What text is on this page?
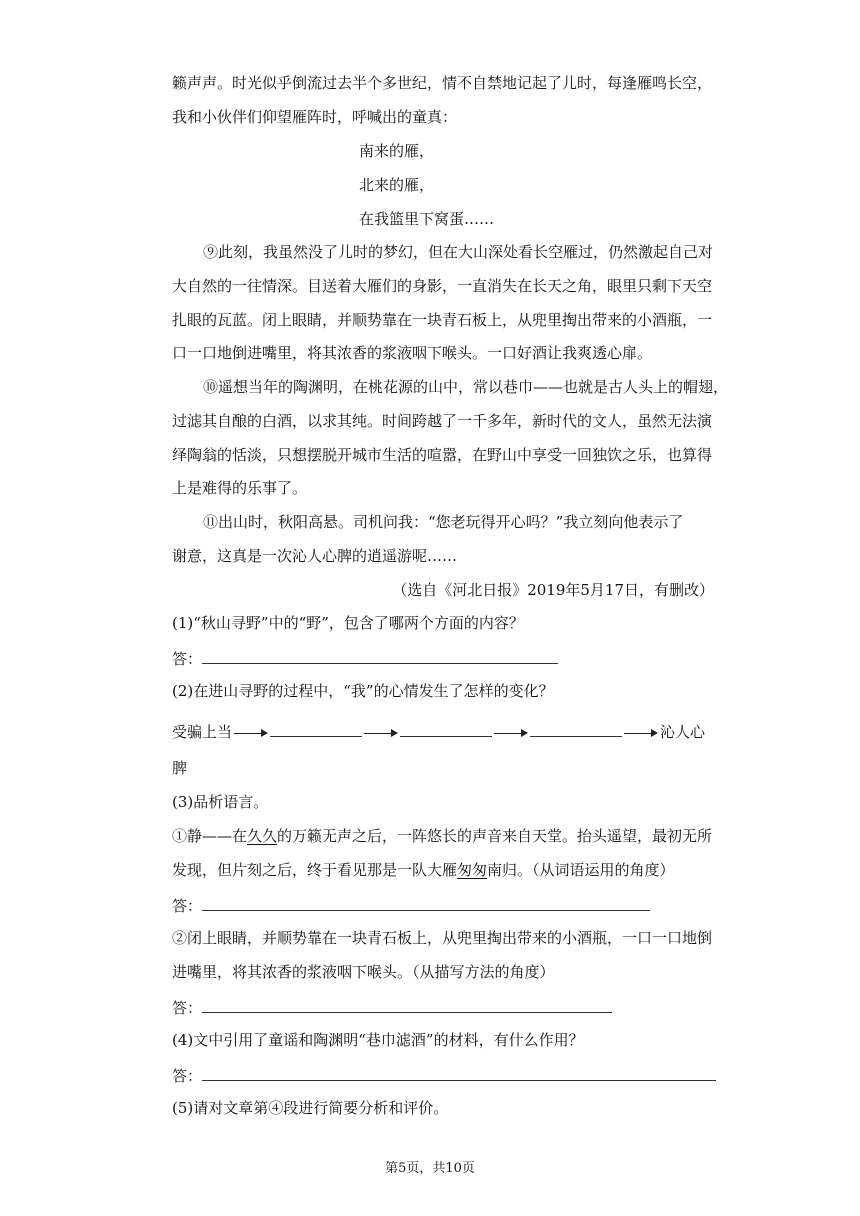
籁声声。时光似乎倒流过去半个多世纪，情不自禁地记起了儿时，每逢雁鸣长空，
我和小伙伴们仰望雁阵时，呼喊出的童真：
南来的雁，
北来的雁，
在我篮里下窝蛋……
⑨此刻，我虽然没了儿时的梦幻，但在大山深处看长空雁过，仍然激起自己对
大自然的一往情深。目送着大雁们的身影，一直消失在长天之角，眼里只剩下天空
扎眼的瓦蓝。闭上眼睛，并顺势靠在一块青石板上，从兜里掏出带来的小酒瓶，一
口一口地倒进嘴里，将其浓香的浆液咽下喉头。一口好酒让我爽透心扉。
⑩遥想当年的陶渊明，在桃花源的山中，常以巷巾——也就是古人头上的帽翅，
过滤其自酿的白酒，以求其纯。时间跨越了一千多年，新时代的文人，虽然无法演
绎陶翁的恬淡，只想摆脱开城市生活的喧嚣，在野山中享受一回独饮之乐，也算得
上是难得的乐事了。
⑪出山时，秋阳高悬。司机问我：“您老玩得开心吗？”我立刻向他表示了
谢意，这真是一次沁人心脾的逍遥游呢……
（选自《河北日报》2019年5月17日，有删改）
(1)“秋山寻野”中的“野”，包含了哪两个方面的内容？
答：
(2)在进山寻野的过程中，“我”的心情发生了怎样的变化？
受骗上当	沁人心
脾
(3)品析语言。
①静——在久久的万籁无声之后，一阵悠长的声音来自天堂。抬头遥望，最初无所
发现，但片刻之后，终于看见那是一队大雁匆匆南归。（从词语运用的角度）
答：
②闭上眼睛，并顺势靠在一块青石板上，从兜里掏出带来的小酒瓶，一口一口地倒
进嘴里，将其浓香的浆液咽下喉头。（从描写方法的角度）
答：
(4)文中引用了童谣和陶渊明“巷巾滤酒”的材料，有什么作用？
答：
(5)请对文章第④段进行简要分析和评价。
第5页，共10页
